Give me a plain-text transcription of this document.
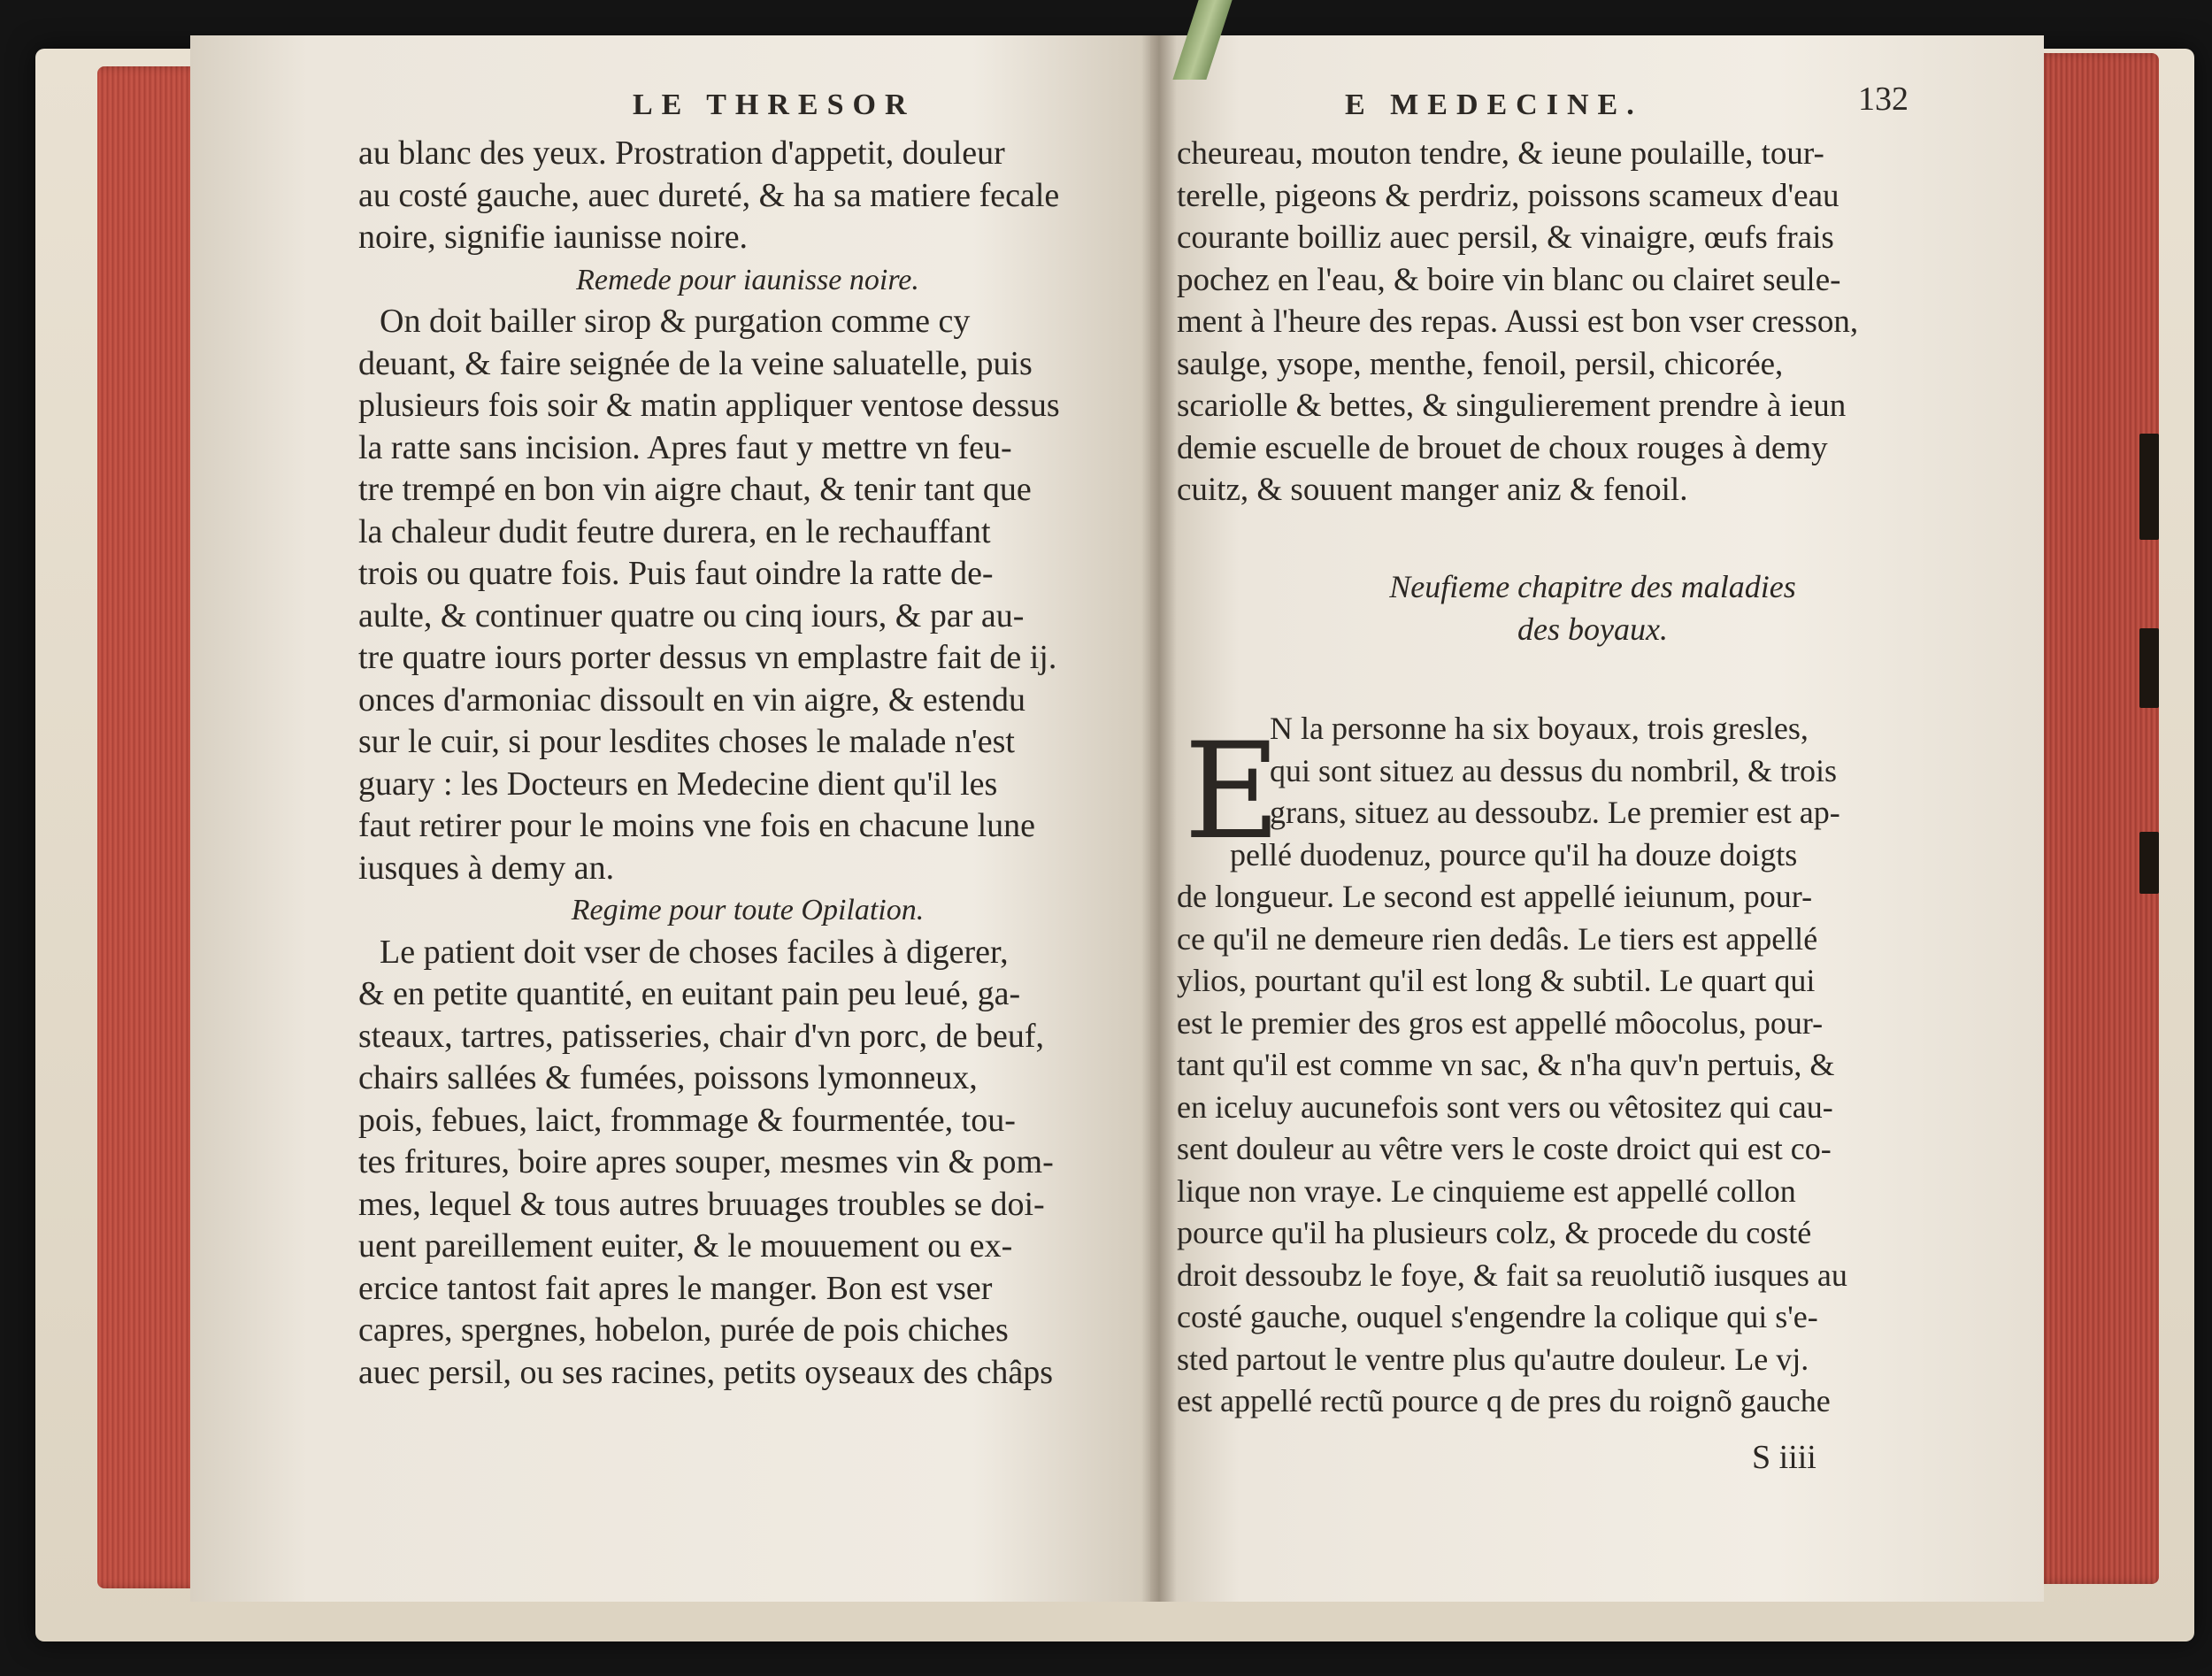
LE THRESOR
au blanc des yeux. Prostration d'appetit, douleur
au costé gauche, auec dureté, & ha sa matiere fecale
noire, signifie iaunisse noire.
Remede pour iaunisse noire.
On doit bailler sirop & purgation comme cy
deuant, & faire seignée de la veine saluatelle, puis
plusieurs fois soir & matin appliquer ventose dessus
la ratte sans incision. Apres faut y mettre vn feu-
tre trempé en bon vin aigre chaut, & tenir tant que
la chaleur dudit feutre durera, en le rechauffant
trois ou quatre fois. Puis faut oindre la ratte de-
aulte, & continuer quatre ou cinq iours, & par au-
tre quatre iours porter dessus vn emplastre fait de ij.
onces d'armoniac dissoult en vin aigre, & estendu
sur le cuir, si pour lesdites choses le malade n'est
guary : les Docteurs en Medecine dient qu'il les
faut retirer pour le moins vne fois en chacune lune
iusques à demy an.
Regime pour toute Opilation.
Le patient doit vser de choses faciles à digerer,
& en petite quantité, en euitant pain peu leué, ga-
steaux, tartres, patisseries, chair d'vn porc, de beuf,
chairs sallées & fumées, poissons lymonneux,
pois, febues, laict, frommage & fourmentée, tou-
tes fritures, boire apres souper, mesmes vin & pom-
mes, lequel & tous autres bruuages troubles se doi-
uent pareillement euiter, & le mouuement ou ex-
ercice tantost fait apres le manger. Bon est vser
capres, spergnes, hobelon, purée de pois chiches
auec persil, ou ses racines, petits oyseaux des châps
E MEDECINE.	132
cheureau, mouton tendre, & ieune poulaille, tour-
terelle, pigeons & perdriz, poissons scameux d'eau
courante boilliz auec persil, & vinaigre, œufs frais
pochez en l'eau, & boire vin blanc ou clairet seule-
ment à l'heure des repas. Aussi est bon vser cresson,
saulge, ysope, menthe, fenoil, persil, chicorée,
scariolle & bettes, & singulierement prendre à ieun
demie escuelle de brouet de choux rouges à demy
cuitz, & souuent manger aniz & fenoil.
Neufieme chapitre des maladies
des boyaux.
E
N la personne ha six boyaux, trois gresles,
qui sont situez au dessus du nombril, & trois
grans, situez au dessoubz. Le premier est ap-
pellé duodenuz, pource qu'il ha douze doigts
de longueur. Le second est appellé ieiunum, pour-
ce qu'il ne demeure rien dedâs. Le tiers est appellé
ylios, pourtant qu'il est long & subtil. Le quart qui
est le premier des gros est appellé môocolus, pour-
tant qu'il est comme vn sac, & n'ha quv'n pertuis, &
en iceluy aucunefois sont vers ou vêtositez qui cau-
sent douleur au vêtre vers le coste droict qui est co-
lique non vraye. Le cinquieme est appellé collon
pource qu'il ha plusieurs colz, & procede du costé
droit dessoubz le foye, & fait sa reuolutiõ iusques au
costé gauche, ouquel s'engendre la colique qui s'e-
sted partout le ventre plus qu'autre douleur. Le vj.
est appellé rectũ pource q de pres du roignõ gauche
S iiii
